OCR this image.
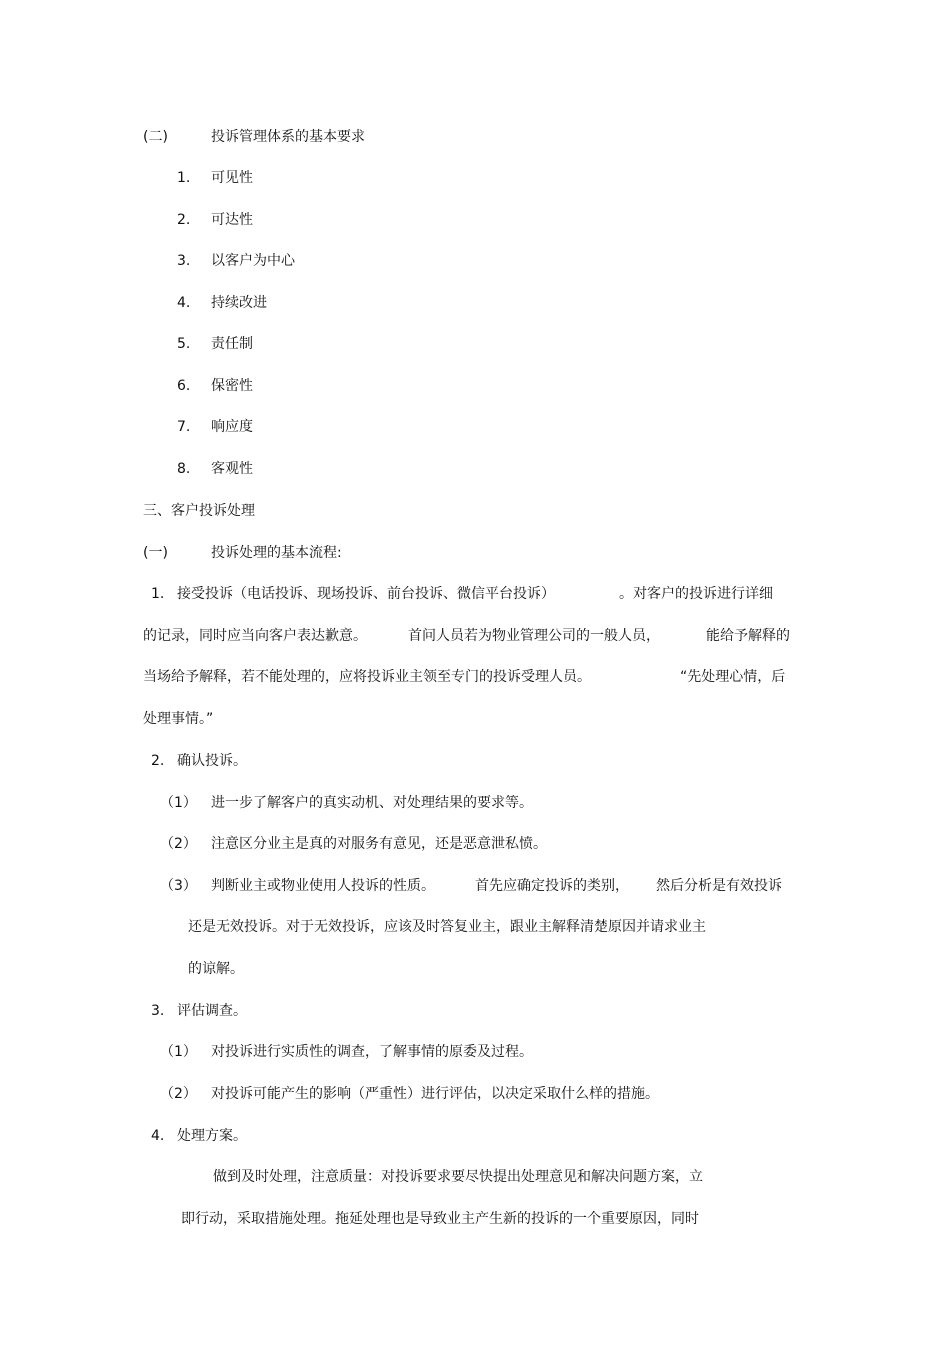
(二)	投诉管理体系的基本要求
1. 可见性
2. 可达性
3. 以客户为中心
4. 持续改进
5. 责任制
6. 保密性
7. 响应度
8. 客观性
三、客户投诉处理
(一)	投诉处理的基本流程:
1. 接受投诉（电话投诉、现场投诉、前台投诉、微信平台投诉）	。对客户的投诉进行详细
的记录，同时应当向客户表达歉意。	首问人员若为物业管理公司的一般人员，	能给予解释的
当场给予解释，若不能处理的，应将投诉业主领至专门的投诉受理人员。	“先处理心情，后
处理事情。”
2. 确认投诉。
（1） 进一步了解客户的真实动机、对处理结果的要求等。
（2） 注意区分业主是真的对服务有意见，还是恶意泄私愤。
（3） 判断业主或物业使用人投诉的性质。	首先应确定投诉的类别， 然后分析是有效投诉
还是无效投诉。对于无效投诉，应该及时答复业主，跟业主解释清楚原因并请求业主
的谅解。
3. 评估调查。
（1） 对投诉进行实质性的调查，了解事情的原委及过程。
（2） 对投诉可能产生的影响（严重性）进行评估，以决定采取什么样的措施。
4. 处理方案。
做到及时处理，注意质量：对投诉要求要尽快提出处理意见和解决问题方案，立
即行动，采取措施处理。拖延处理也是导致业主产生新的投诉的一个重要原因，同时
